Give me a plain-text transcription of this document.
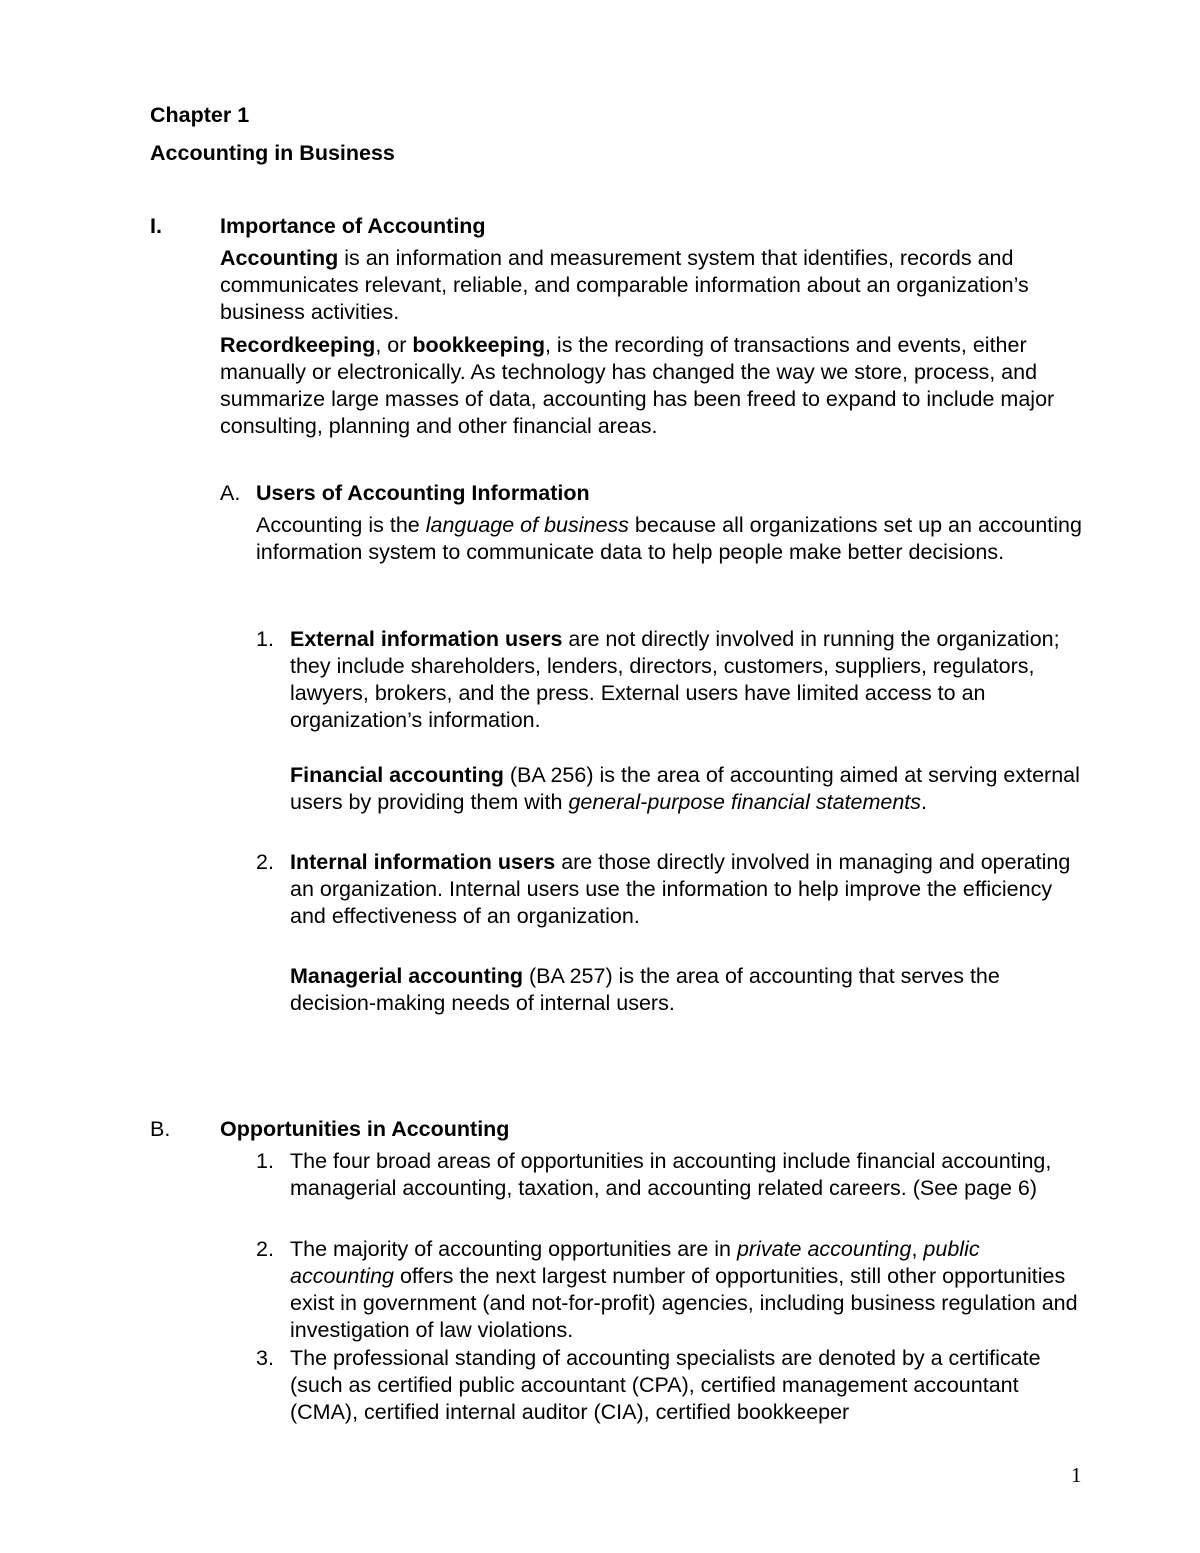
Chapter 1
Accounting in Business
I.	Importance of Accounting

Accounting is an information and measurement system that identifies, records and communicates relevant, reliable, and comparable information about an organization’s business activities.

Recordkeeping, or bookkeeping, is the recording of transactions and events, either manually or electronically. As technology has changed the way we store, process, and summarize large masses of data, accounting has been freed to expand to include major consulting, planning and other financial areas.

A. Users of Accounting Information

Accounting is the language of business because all organizations set up an accounting information system to communicate data to help people make better decisions.

1. External information users are not directly involved in running the organization; they include shareholders, lenders, directors, customers, suppliers, regulators, lawyers, brokers, and the press. External users have limited access to an organization’s information.

Financial accounting (BA 256) is the area of accounting aimed at serving external users by providing them with general-purpose financial statements.

2. Internal information users are those directly involved in managing and operating an organization. Internal users use the information to help improve the efficiency and effectiveness of an organization.

Managerial accounting (BA 257) is the area of accounting that serves the decision-making needs of internal users.

B. Opportunities in Accounting
1. The four broad areas of opportunities in accounting include financial accounting, managerial accounting, taxation, and accounting related careers. (See page 6)

2. The majority of accounting opportunities are in private accounting, public accounting offers the next largest number of opportunities, still other opportunities exist in government (and not-for-profit) agencies, including business regulation and investigation of law violations.

3. The professional standing of accounting specialists are denoted by a certificate (such as certified public accountant (CPA), certified management accountant (CMA), certified internal auditor (CIA), certified bookkeeper

1
